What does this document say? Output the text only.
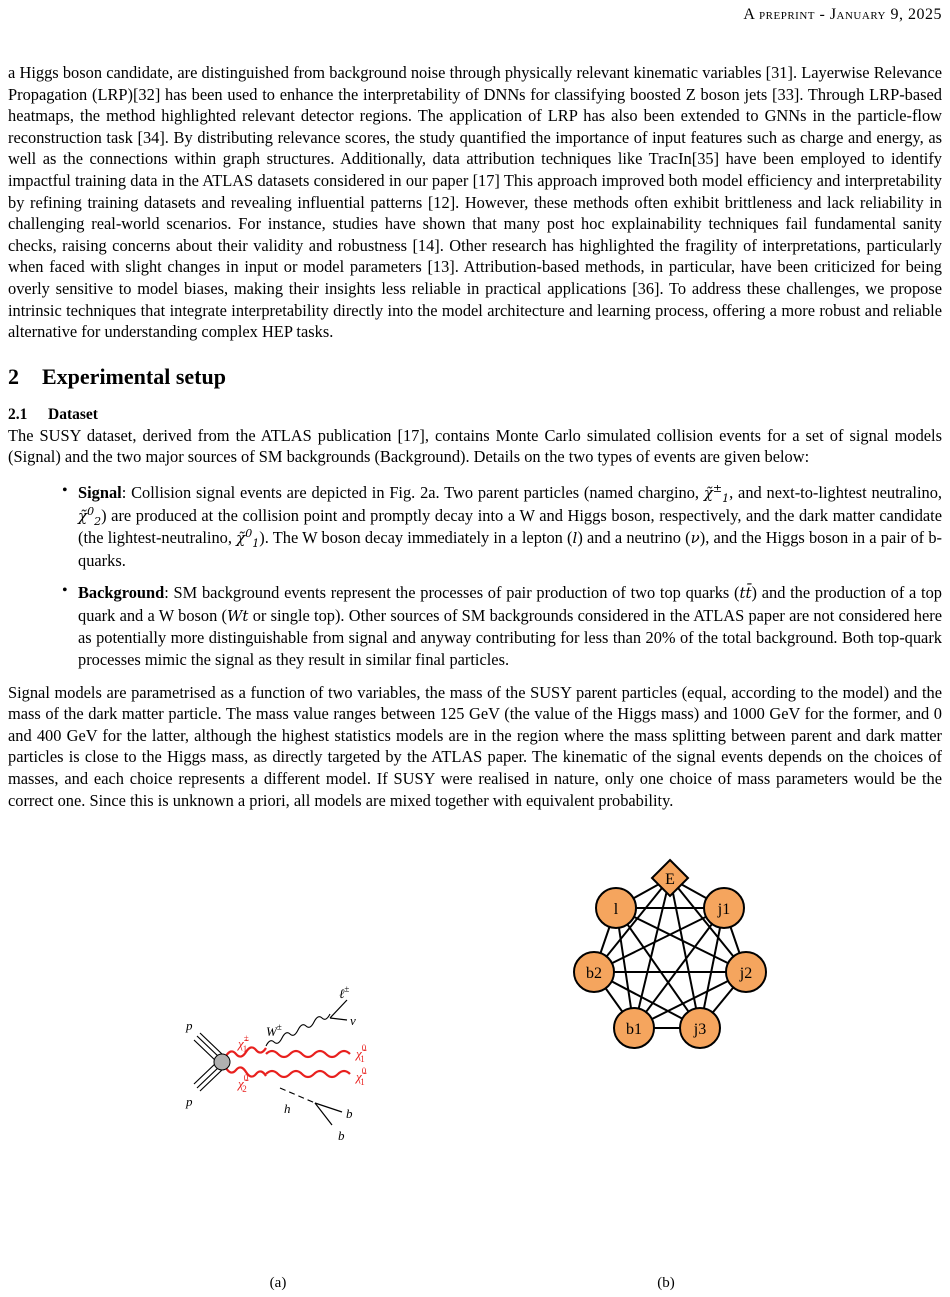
A preprint - January 9, 2025

a Higgs boson candidate, are distinguished from background noise through physically relevant kinematic variables [31]. Layerwise Relevance Propagation (LRP)[32] has been used to enhance the interpretability of DNNs for classifying boosted Z boson jets [33]. Through LRP-based heatmaps, the method highlighted relevant detector regions. The application of LRP has also been extended to GNNs in the particle-flow reconstruction task [34]. By distributing relevance scores, the study quantified the importance of input features such as charge and energy, as well as the connections within graph structures. Additionally, data attribution techniques like TracIn[35] have been employed to identify impactful training data in the ATLAS datasets considered in our paper [17] This approach improved both model efficiency and interpretability by refining training datasets and revealing influential patterns [12]. However, these methods often exhibit brittleness and lack reliability in challenging real-world scenarios. For instance, studies have shown that many post hoc explainability techniques fail fundamental sanity checks, raising concerns about their validity and robustness [14]. Other research has highlighted the fragility of interpretations, particularly when faced with slight changes in input or model parameters [13]. Attribution-based methods, in particular, have been criticized for being overly sensitive to model biases, making their insights less reliable in practical applications [36]. To address these challenges, we propose intrinsic techniques that integrate interpretability directly into the model architecture and learning process, offering a more robust and reliable alternative for understanding complex HEP tasks.

2 Experimental setup
2.1 Dataset

The SUSY dataset, derived from the ATLAS publication [17], contains Monte Carlo simulated collision events for a set of signal models (Signal) and the two major sources of SM backgrounds (Background). Details on the two types of events are given below:

• Signal: Collision signal events are depicted in Fig. 2a. Two parent particles (named chargino, $\chĩ^\pm_1$, and next-to-lightest neutralino, χ̃$^0_2$) are produced at the collision point and promptly decay into a W and Higgs boson, respectively, and the dark matter candidate (the lightest-neutralino, χ̃$^0_1$). The W boson decay immediately in a lepton (l) and a neutrino (ν), and the Higgs boson in a pair of b-quarks.

• Background: SM background events represent the processes of pair production of two top quarks (tt̄) and the production of a top quark and a W boson (Wt or single top). Other sources of SM backgrounds considered in the ATLAS paper are not considered here as potentially more distinguishable from signal and anyway contributing for less than 20% of the total background. Both top-quark processes mimic the signal as they result in similar final particles.

Signal models are parametrised as a function of two variables, the mass of the SUSY parent particles (equal, according to the model) and the mass of the dark matter particle. The mass value ranges between 125 GeV (the value of the Higgs mass) and 1000 GeV for the former, and 0 and 400 GeV for the latter, although the highest statistics models are in the region where the mass splitting between parent and dark matter particles is close to the Higgs mass, as directly targeted by the ATLAS paper. The kinematic of the signal events depends on the choices of masses, and each choice represents a different model. If SUSY were realised in nature, only one choice of mass parameters would be the correct one. Since this is unknown a priori, all models are mixed together with equivalent probability.

p
p
W±
ℓ±
ν
h	b
b
χ̃± 1
χ̃$^0$ 2
χ̃$^0$ 1
χ̃$^0$ 1
(a)
E
l	j1
b2	j2
b1	j3
(b)
